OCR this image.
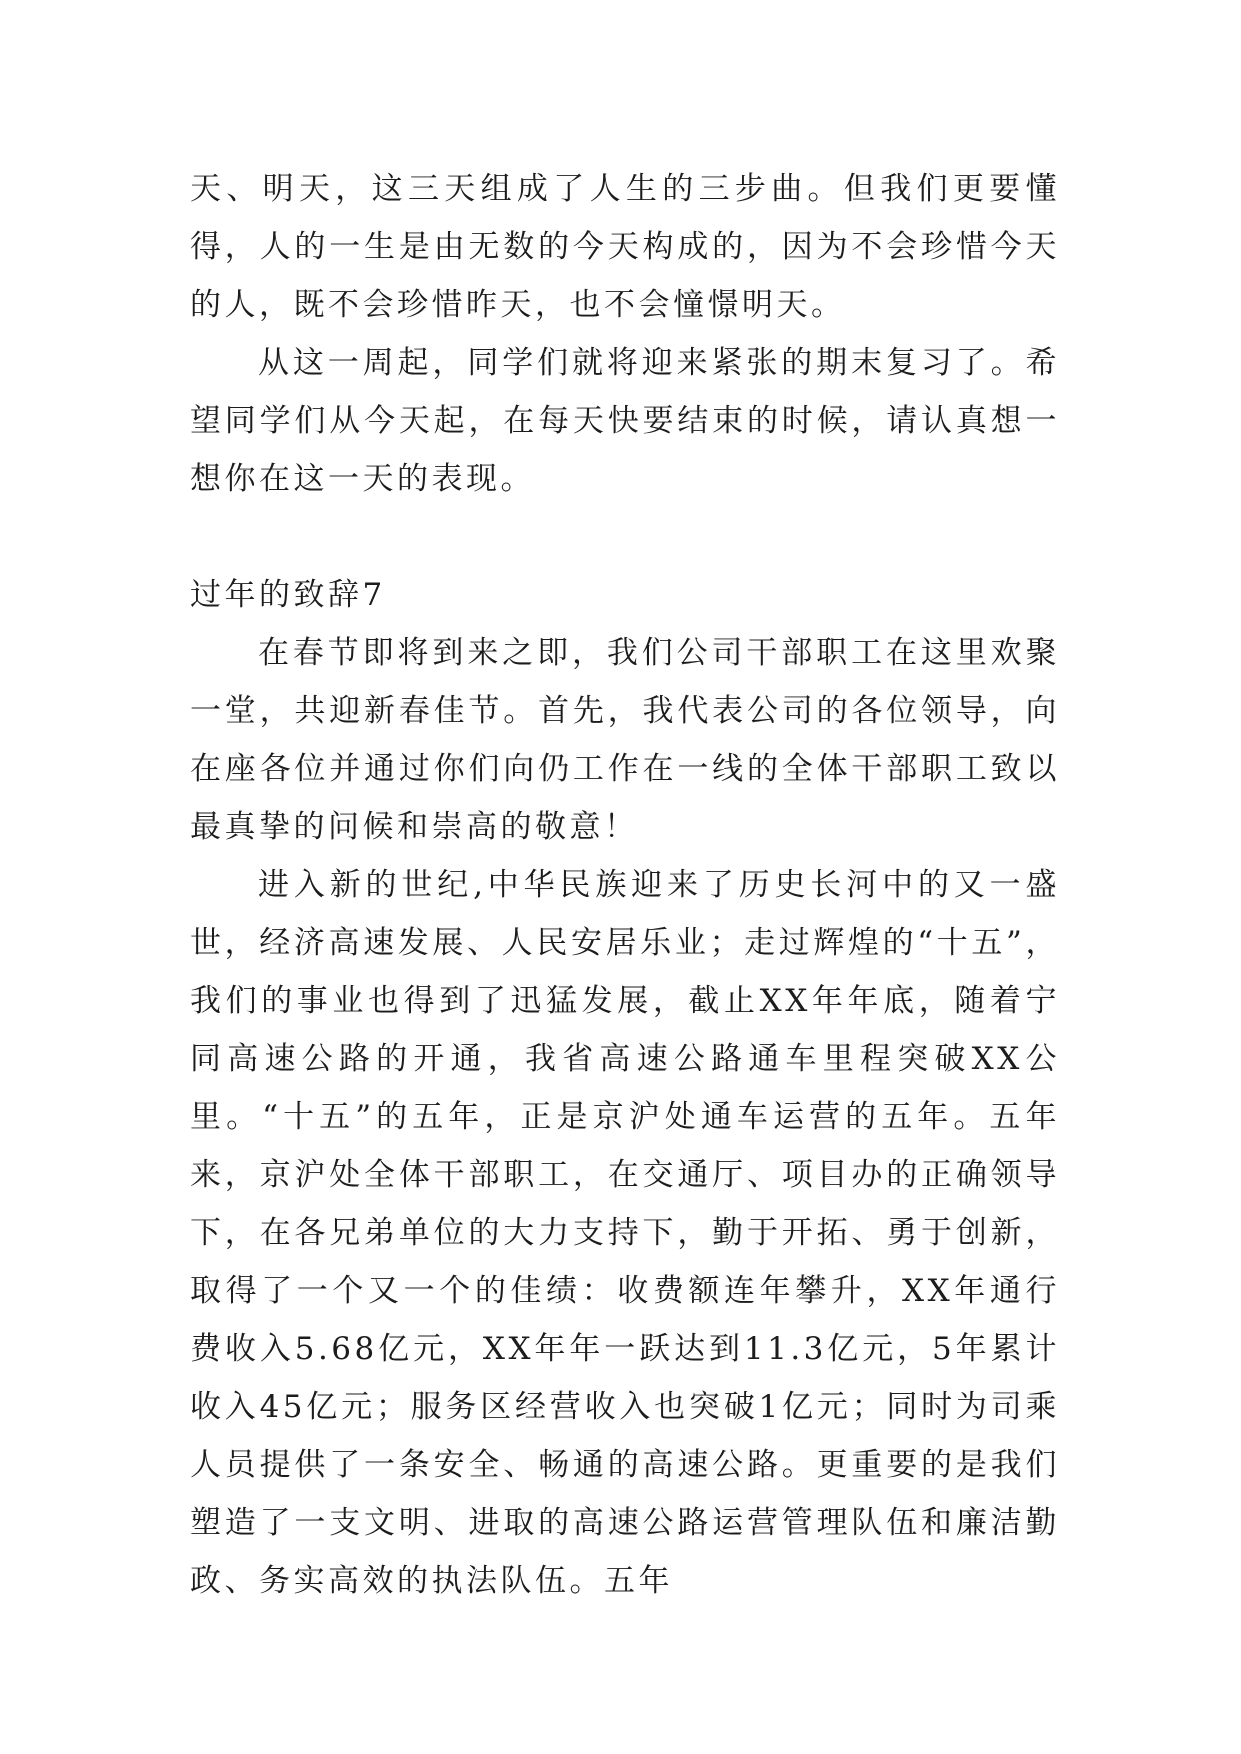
天、明天，这三天组成了人生的三步曲。但我们更要懂得，人的一生是由无数的今天构成的，因为不会珍惜今天的人，既不会珍惜昨天，也不会憧憬明天。

从这一周起，同学们就将迎来紧张的期末复习了。希望同学们从今天起，在每天快要结束的时候，请认真想一想你在这一天的表现。

过年的致辞7

在春节即将到来之即，我们公司干部职工在这里欢聚一堂，共迎新春佳节。首先，我代表公司的各位领导，向在座各位并通过你们向仍工作在一线的全体干部职工致以最真挚的问候和崇高的敬意！

进入新的世纪,中华民族迎来了历史长河中的又一盛世，经济高速发展、人民安居乐业；走过辉煌的“十五”，我们的事业也得到了迅猛发展，截止XX年年底，随着宁同高速公路的开通，我省高速公路通车里程突破XX公里。“十五”的五年，正是京沪处通车运营的五年。五年来，京沪处全体干部职工，在交通厅、项目办的正确领导下，在各兄弟单位的大力支持下，勤于开拓、勇于创新，取得了一个又一个的佳绩：收费额连年攀升，XX年通行费收入5.68亿元，XX年年一跃达到11.3亿元，5年累计收入45亿元；服务区经营收入也突破1亿元；同时为司乘人员提供了一条安全、畅通的高速公路。更重要的是我们塑造了一支文明、进取的高速公路运营管理队伍和廉洁勤政、务实高效的执法队伍。五年
